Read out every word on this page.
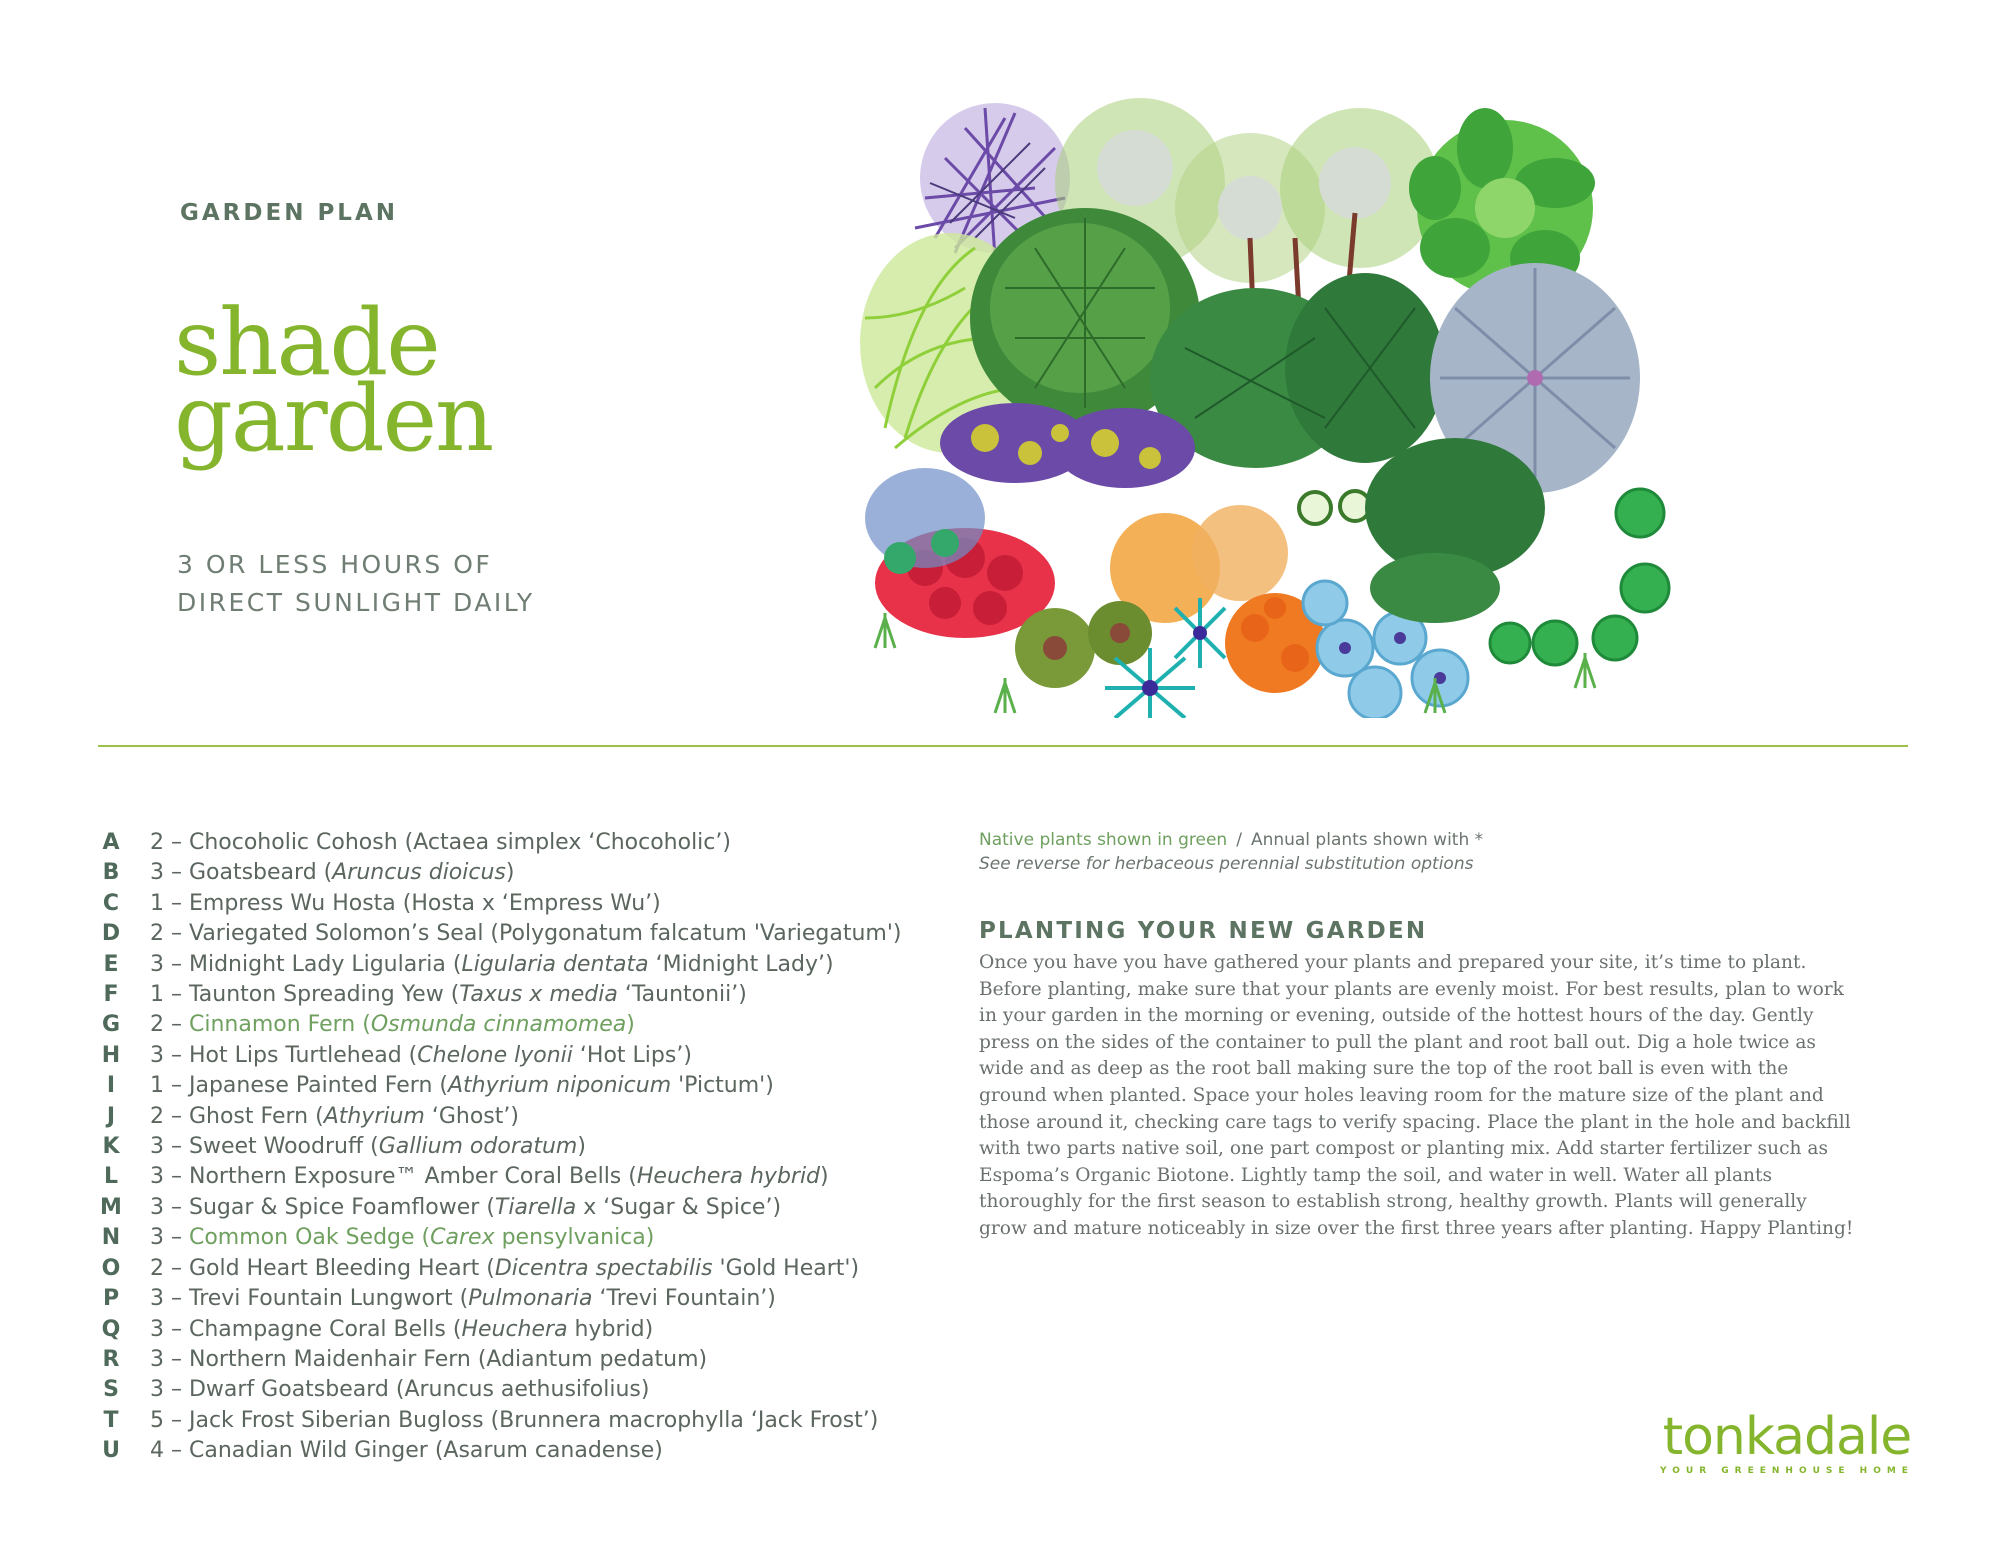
GARDEN PLAN
shade
garden
3 OR LESS HOURS OF
DIRECT SUNLIGHT DAILY
A 2 – Chocoholic Cohosh (Actaea simplex ‘Chocoholic’)
B 3 – Goatsbeard (Aruncus dioicus)
C 1 – Empress Wu Hosta (Hosta x ‘Empress Wu’)
D 2 – Variegated Solomon’s Seal (Polygonatum falcatum 'Variegatum')
E 3 – Midnight Lady Ligularia (Ligularia dentata ‘Midnight Lady’)
F 1 – Taunton Spreading Yew (Taxus x media ‘Tauntonii’)
G 2 – Cinnamon Fern (Osmunda cinnamomea)
H 3 – Hot Lips Turtlehead (Chelone lyonii ‘Hot Lips’)
I	1 – Japanese Painted Fern (Athyrium niponicum 'Pictum')
J	2 – Ghost Fern (Athyrium ‘Ghost’)
K 3 – Sweet Woodruff (Gallium odoratum)
L 3 – Northern Exposure™ Amber Coral Bells (Heuchera hybrid)
M 3 – Sugar & Spice Foamflower (Tiarella x ‘Sugar & Spice’)
N 3 – Common Oak Sedge (Carex pensylvanica)
O 2 – Gold Heart Bleeding Heart (Dicentra spectabilis 'Gold Heart')
P 3 – Trevi Fountain Lungwort (Pulmonaria ‘Trevi Fountain’)
Q 3 – Champagne Coral Bells (Heuchera hybrid)
R 3 – Northern Maidenhair Fern (Adiantum pedatum)
S 3 – Dwarf Goatsbeard (Aruncus aethusifolius)
T 5 – Jack Frost Siberian Bugloss (Brunnera macrophylla ‘Jack Frost’)
U 4 – Canadian Wild Ginger (Asarum canadense)
Native plants shown in green / Annual plants shown with *
See reverse for herbaceous perennial substitution options
PLANTING YOUR NEW GARDEN

Once you have you have gathered your plants and prepared your site, it’s time to plant. Before planting, make sure that your plants are evenly moist. For best results, plan to work in your garden in the morning or evening, outside of the hottest hours of the day. Gently press on the sides of the container to pull the plant and root ball out. Dig a hole twice as wide and as deep as the root ball making sure the top of the root ball is even with the ground when planted. Space your holes leaving room for the mature size of the plant and those around it, checking care tags to verify spacing. Place the plant in the hole and backfill with two parts native soil, one part compost or planting mix. Add starter fertilizer such as Espoma’s Organic Biotone. Lightly tamp the soil, and water in well. Water all plants thoroughly for the first season to establish strong, healthy growth. Plants will generally grow and mature noticeably in size over the first three years after planting. Happy Planting!

tonkadale
YOUR GREENHOUSE HOME
